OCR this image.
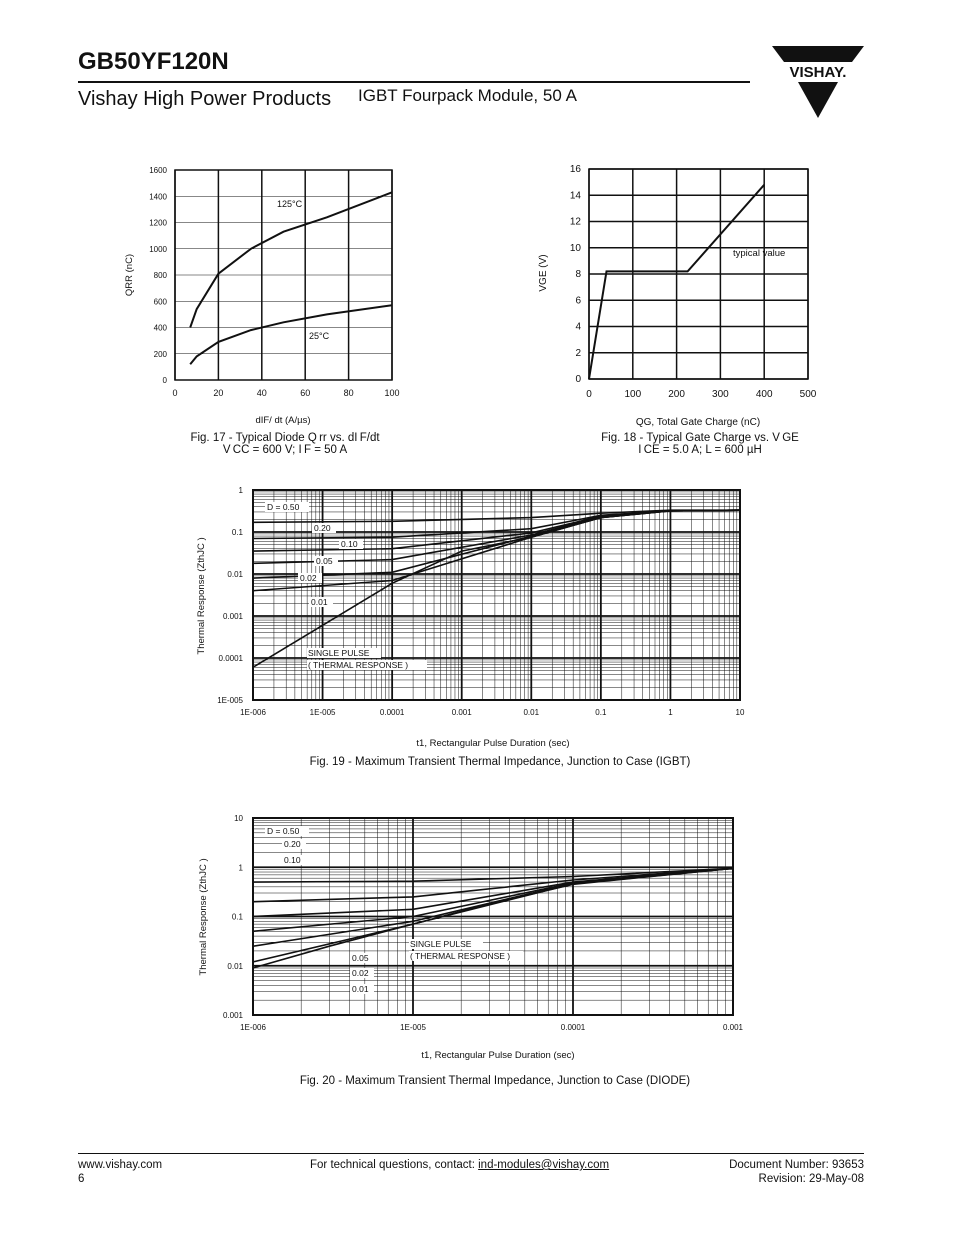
GB50YF120N
Vishay High Power Products IGBT Fourpack Module, 50 A
VISHAY.
0	20	40	60	80	100
0
200
400
600
800
1000
1200
1400
1600
125°C
25°C
dIF/ dt (A/µs)
QRR (nC)
Fig. 17 - Typical Diode Q rr vs. dI F/dt
V CC = 600 V; I F = 50 A
0	100	200	300	400	500
0
2
4
6
8
10
12
14
16
typical value
QG, Total Gate Charge (nC)
VGE (V)
Fig. 18 - Typical Gate Charge vs. V GE
I CE = 5.0 A; L = 600 µH
1E-006	1E-005	0.0001	0.001	0.01	0.1	1	10
1E-005
0.0001
0.001
0.01
0.1
1
D = 0.50
0.20
0.10
0.05
0.02
0.01
SINGLE PULSE
( THERMAL RESPONSE )
t1, Rectangular Pulse Duration (sec)
Thermal Response (ZthJC )
Fig. 19 - Maximum Transient Thermal Impedance, Junction to Case (IGBT)
1E-006	1E-005	0.0001	0.001
0.001
0.01
0.1
1
10
D = 0.50
0.20
0.10
0.05
0.02
0.01
SINGLE PULSE
( THERMAL RESPONSE )
t1, Rectangular Pulse Duration (sec)
Thermal Response (ZthJC )
Fig. 20 - Maximum Transient Thermal Impedance, Junction to Case (DIODE)
www.vishay.com
6
For technical questions, contact: ind-modules@vishay.com	Document Number: 93653
Revision: 29-May-08
